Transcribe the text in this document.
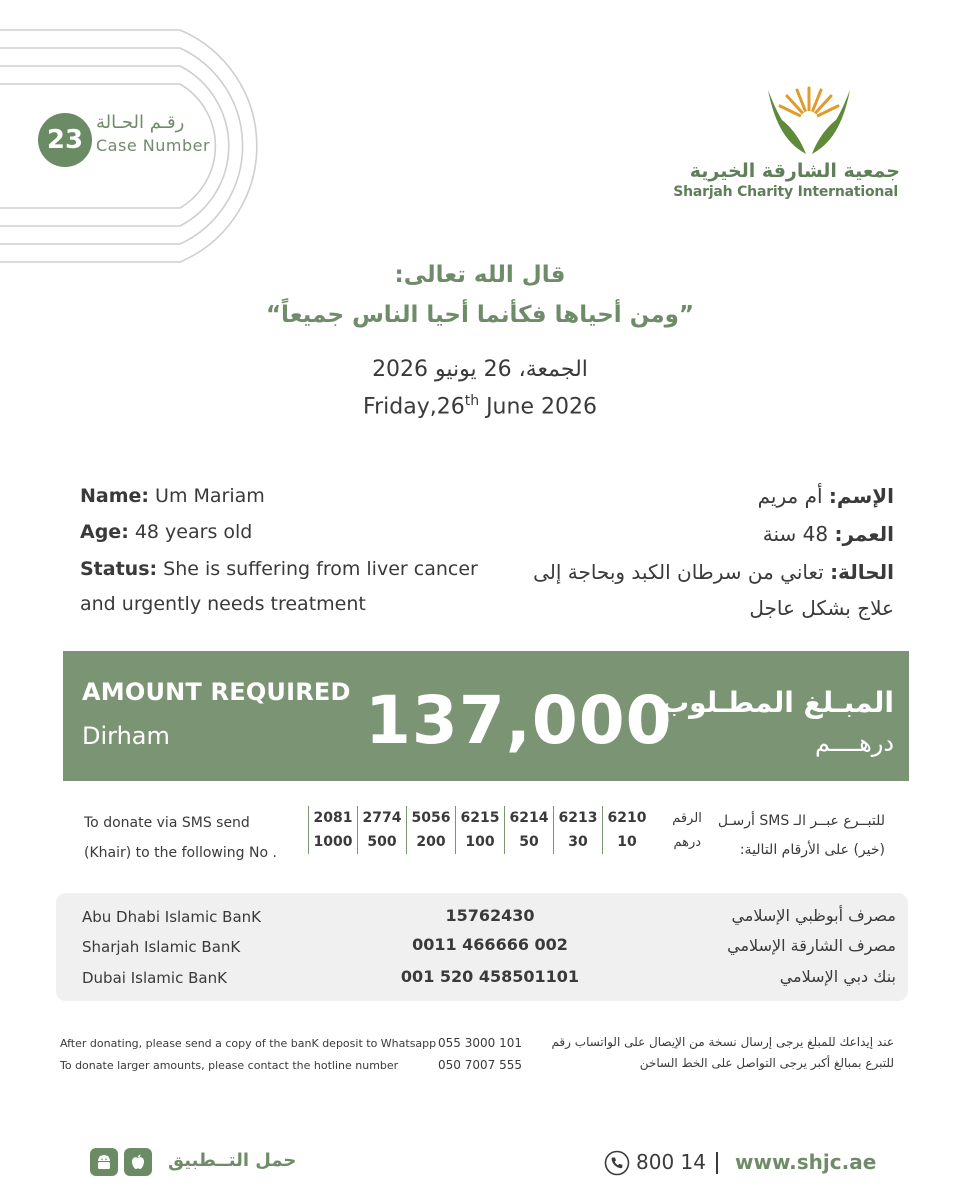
23
رقـم الحـالة
Case Number
جمعية الشارقة الخيرية
Sharjah Charity International
قال الله تعالى:
”ومن أحياها فكأنما أحيا الناس جميعاً“
الجمعة، 26 يونيو 2026
Friday,26th June 2026
Name: Um Mariam
Age: 48 years old
Status: She is suffering from liver cancer
and urgently needs treatment
الإسم: أم مريم
العمر: 48 سنة
الحالة: تعاني من سرطان الكبد وبحاجة إلى
علاج بشكل عاجل
AMOUNT REQUIRED
Dirham	137,000
المبـلغ المطـلوب
درهــــم
To donate via SMS send
(Khair) to the following No .
للتبــرع عبــر الـ SMS أرسـل
(خير) على الأرقام التالية:
2081	2774	5056	6215	6214	6213	6210	الرقم
1000	500	200	100	50	30	10	درهم
Abu Dhabi Islamic BanK	15762430	مصرف أبوظبي الإسلامي
Sharjah Islamic BanK	0011 466666 002	مصرف الشارقة الإسلامي
Dubai Islamic BanK	001 520 458501101	بنك دبي الإسلامي
After donating, please send a copy of the banK deposit to Whatsapp 055 3000 101	عند إيداعك للمبلغ يرجى إرسال نسخة من الإيصال على الواتساب رقم
To donate larger amounts, please contact the hotline number	050 7007 555	للتبرع بمبالغ أكبر يرجى التواصل على الخط الساخن
حمل التــطبيق	800 14 www.shjc.ae
